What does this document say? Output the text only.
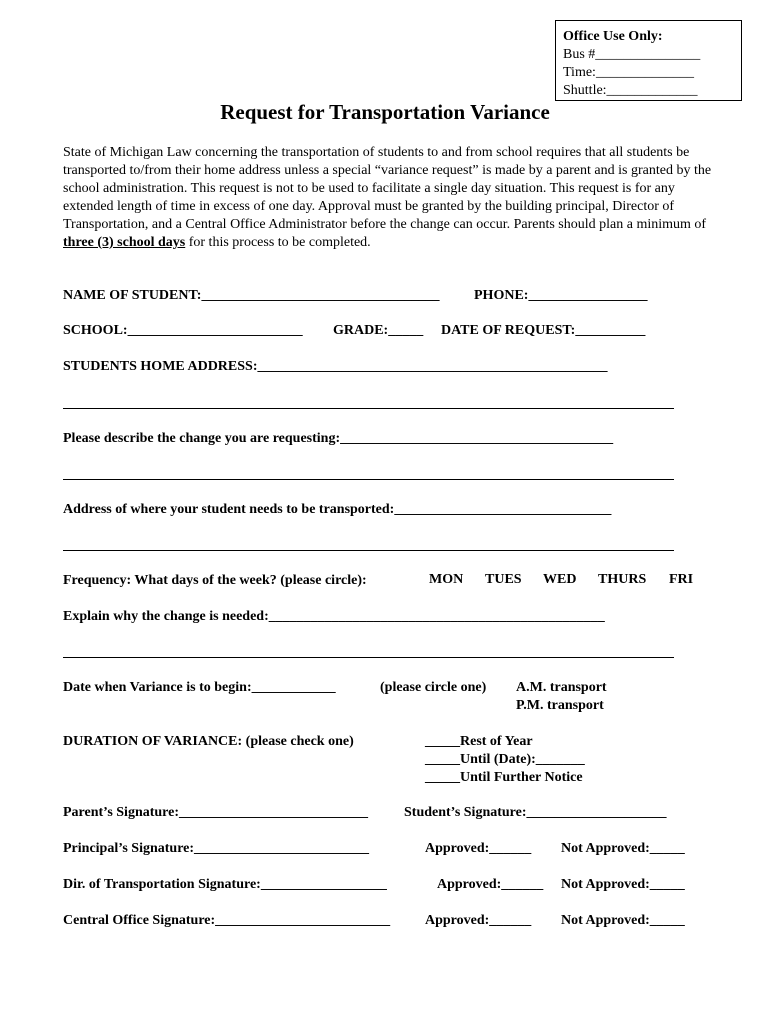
Office Use Only:
Bus #_______________
Time:______________
Shuttle:_____________
Request for Transportation Variance
State of Michigan Law concerning the transportation of students to and from school requires that all students be transported to/from their home address unless a special “variance request” is made by a parent and is granted by the school administration. This request is not to be used to facilitate a single day situation. This request is for any extended length of time in excess of one day. Approval must be granted by the building principal, Director of Transportation, and a Central Office Administrator before the change can occur. Parents should plan a minimum of three (3) school days for this process to be completed.
NAME OF STUDENT:__________________________________ PHONE:_________________
SCHOOL:_________________________ GRADE:_____ DATE OF REQUEST:__________
STUDENTS HOME ADDRESS:__________________________________________________
Please describe the change you are requesting:_______________________________________
Address of where your student needs to be transported:_______________________________
Frequency: What days of the week? (please circle):	MON TUES WED THURS FRI
Explain why the change is needed:________________________________________________
Date when Variance is to begin:____________	(please circle one) A.M. transport
P.M. transport
DURATION OF VARIANCE: (please check one)	_____Rest of Year
_____Until (Date):_______
_____Until Further Notice
Parent’s Signature:___________________________	Student’s Signature:____________________
Principal’s Signature:_________________________	Approved:______ Not Approved:_____
Dir. of Transportation Signature:__________________	Approved:______ Not Approved:_____
Central Office Signature:_________________________ Approved:______ Not Approved:_____
